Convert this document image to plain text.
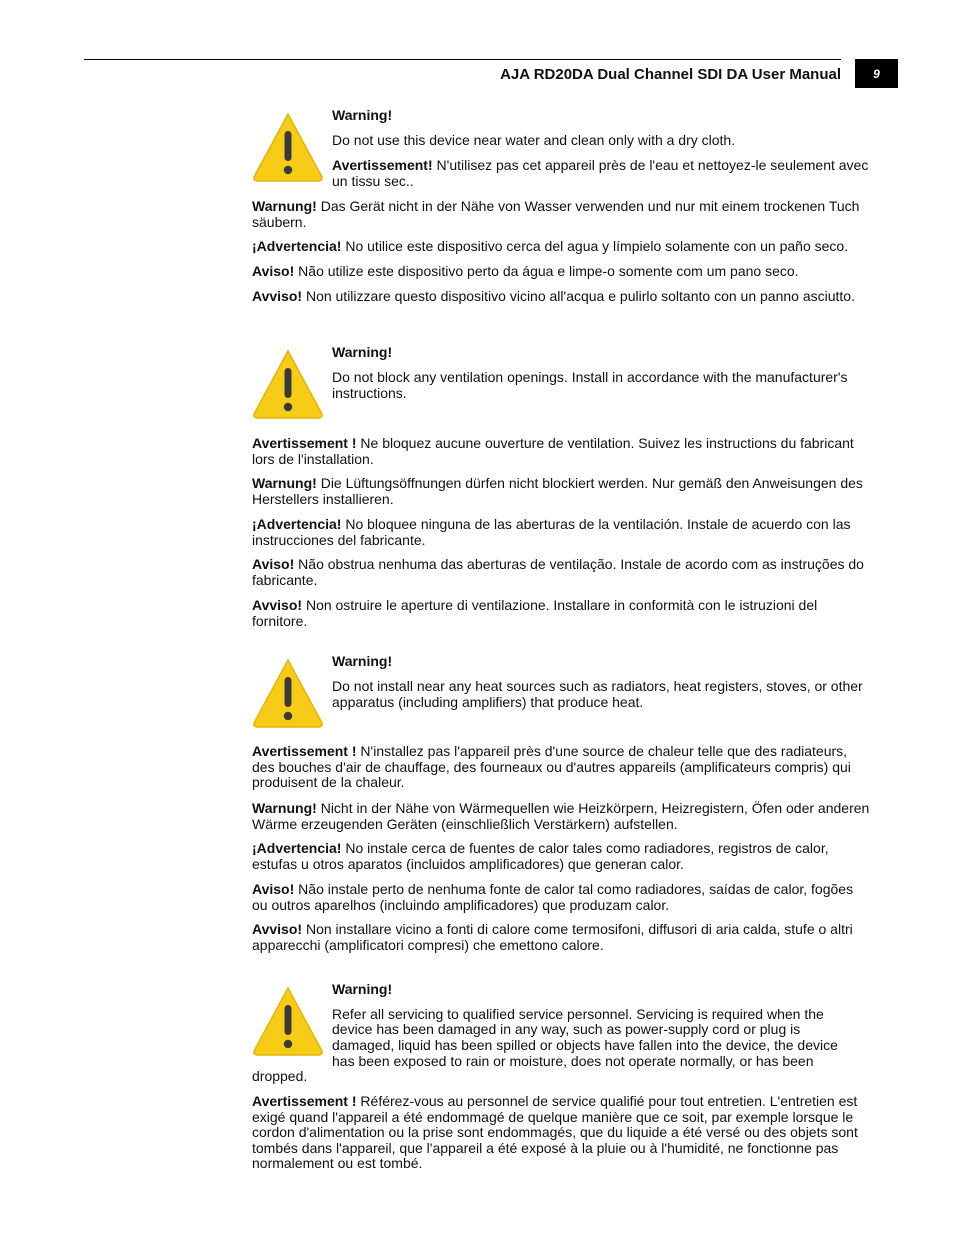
AJA RD20DA Dual Channel SDI DA User Manual	9

Warning!

Do not use this device near water and clean only with a dry cloth.

Avertissement! N'utilisez pas cet appareil près de l'eau et nettoyez-le seulement avec un tissu sec..

Warnung! Das Gerät nicht in der Nähe von Wasser verwenden und nur mit einem trockenen Tuch säubern.

¡Advertencia! No utilice este dispositivo cerca del agua y límpielo solamente con un paño seco.

Aviso! Não utilize este dispositivo perto da água e limpe-o somente com um pano seco.

Avviso! Non utilizzare questo dispositivo vicino all'acqua e pulirlo soltanto con un panno asciutto.

Warning!

Do not block any ventilation openings. Install in accordance with the manufacturer's instructions.

Avertissement ! Ne bloquez aucune ouverture de ventilation. Suivez les instructions du fabricant lors de l'installation.

Warnung! Die Lüftungsöffnungen dürfen nicht blockiert werden. Nur gemäß den Anweisungen des Herstellers installieren.

¡Advertencia! No bloquee ninguna de las aberturas de la ventilación. Instale de acuerdo con las instrucciones del fabricante.

Aviso! Não obstrua nenhuma das aberturas de ventilação. Instale de acordo com as instruções do fabricante.

Avviso! Non ostruire le aperture di ventilazione. Installare in conformità con le istruzioni del fornitore.

Warning!

Do not install near any heat sources such as radiators, heat registers, stoves, or other apparatus (including amplifiers) that produce heat.

Avertissement ! N'installez pas l'appareil près d'une source de chaleur telle que des radiateurs, des bouches d'air de chauffage, des fourneaux ou d'autres appareils (amplificateurs compris) qui produisent de la chaleur.

Warnung! Nicht in der Nähe von Wärmequellen wie Heizkörpern, Heizregistern, Öfen oder anderen Wärme erzeugenden Geräten (einschließlich Verstärkern) aufstellen.

¡Advertencia! No instale cerca de fuentes de calor tales como radiadores, registros de calor, estufas u otros aparatos (incluidos amplificadores) que generan calor.

Aviso! Não instale perto de nenhuma fonte de calor tal como radiadores, saídas de calor, fogões ou outros aparelhos (incluindo amplificadores) que produzam calor.

Avviso! Non installare vicino a fonti di calore come termosifoni, diffusori di aria calda, stufe o altri apparecchi (amplificatori compresi) che emettono calore.

Warning!

Refer all servicing to qualified service personnel. Servicing is required when the

device has been damaged in any way, such as power-supply cord or plug is

damaged, liquid has been spilled or objects have fallen into the device, the device

has been exposed to rain or moisture, does not operate normally, or has been

dropped.

Avertissement ! Référez-vous au personnel de service qualifié pour tout entretien. L'entretien est exigé quand l'appareil a été endommagé de quelque manière que ce soit, par exemple lorsque le cordon d'alimentation ou la prise sont endommagés, que du liquide a été versé ou des objets sont tombés dans l'appareil, que l'appareil a été exposé à la pluie ou à l'humidité, ne fonctionne pas normalement ou est tombé.
